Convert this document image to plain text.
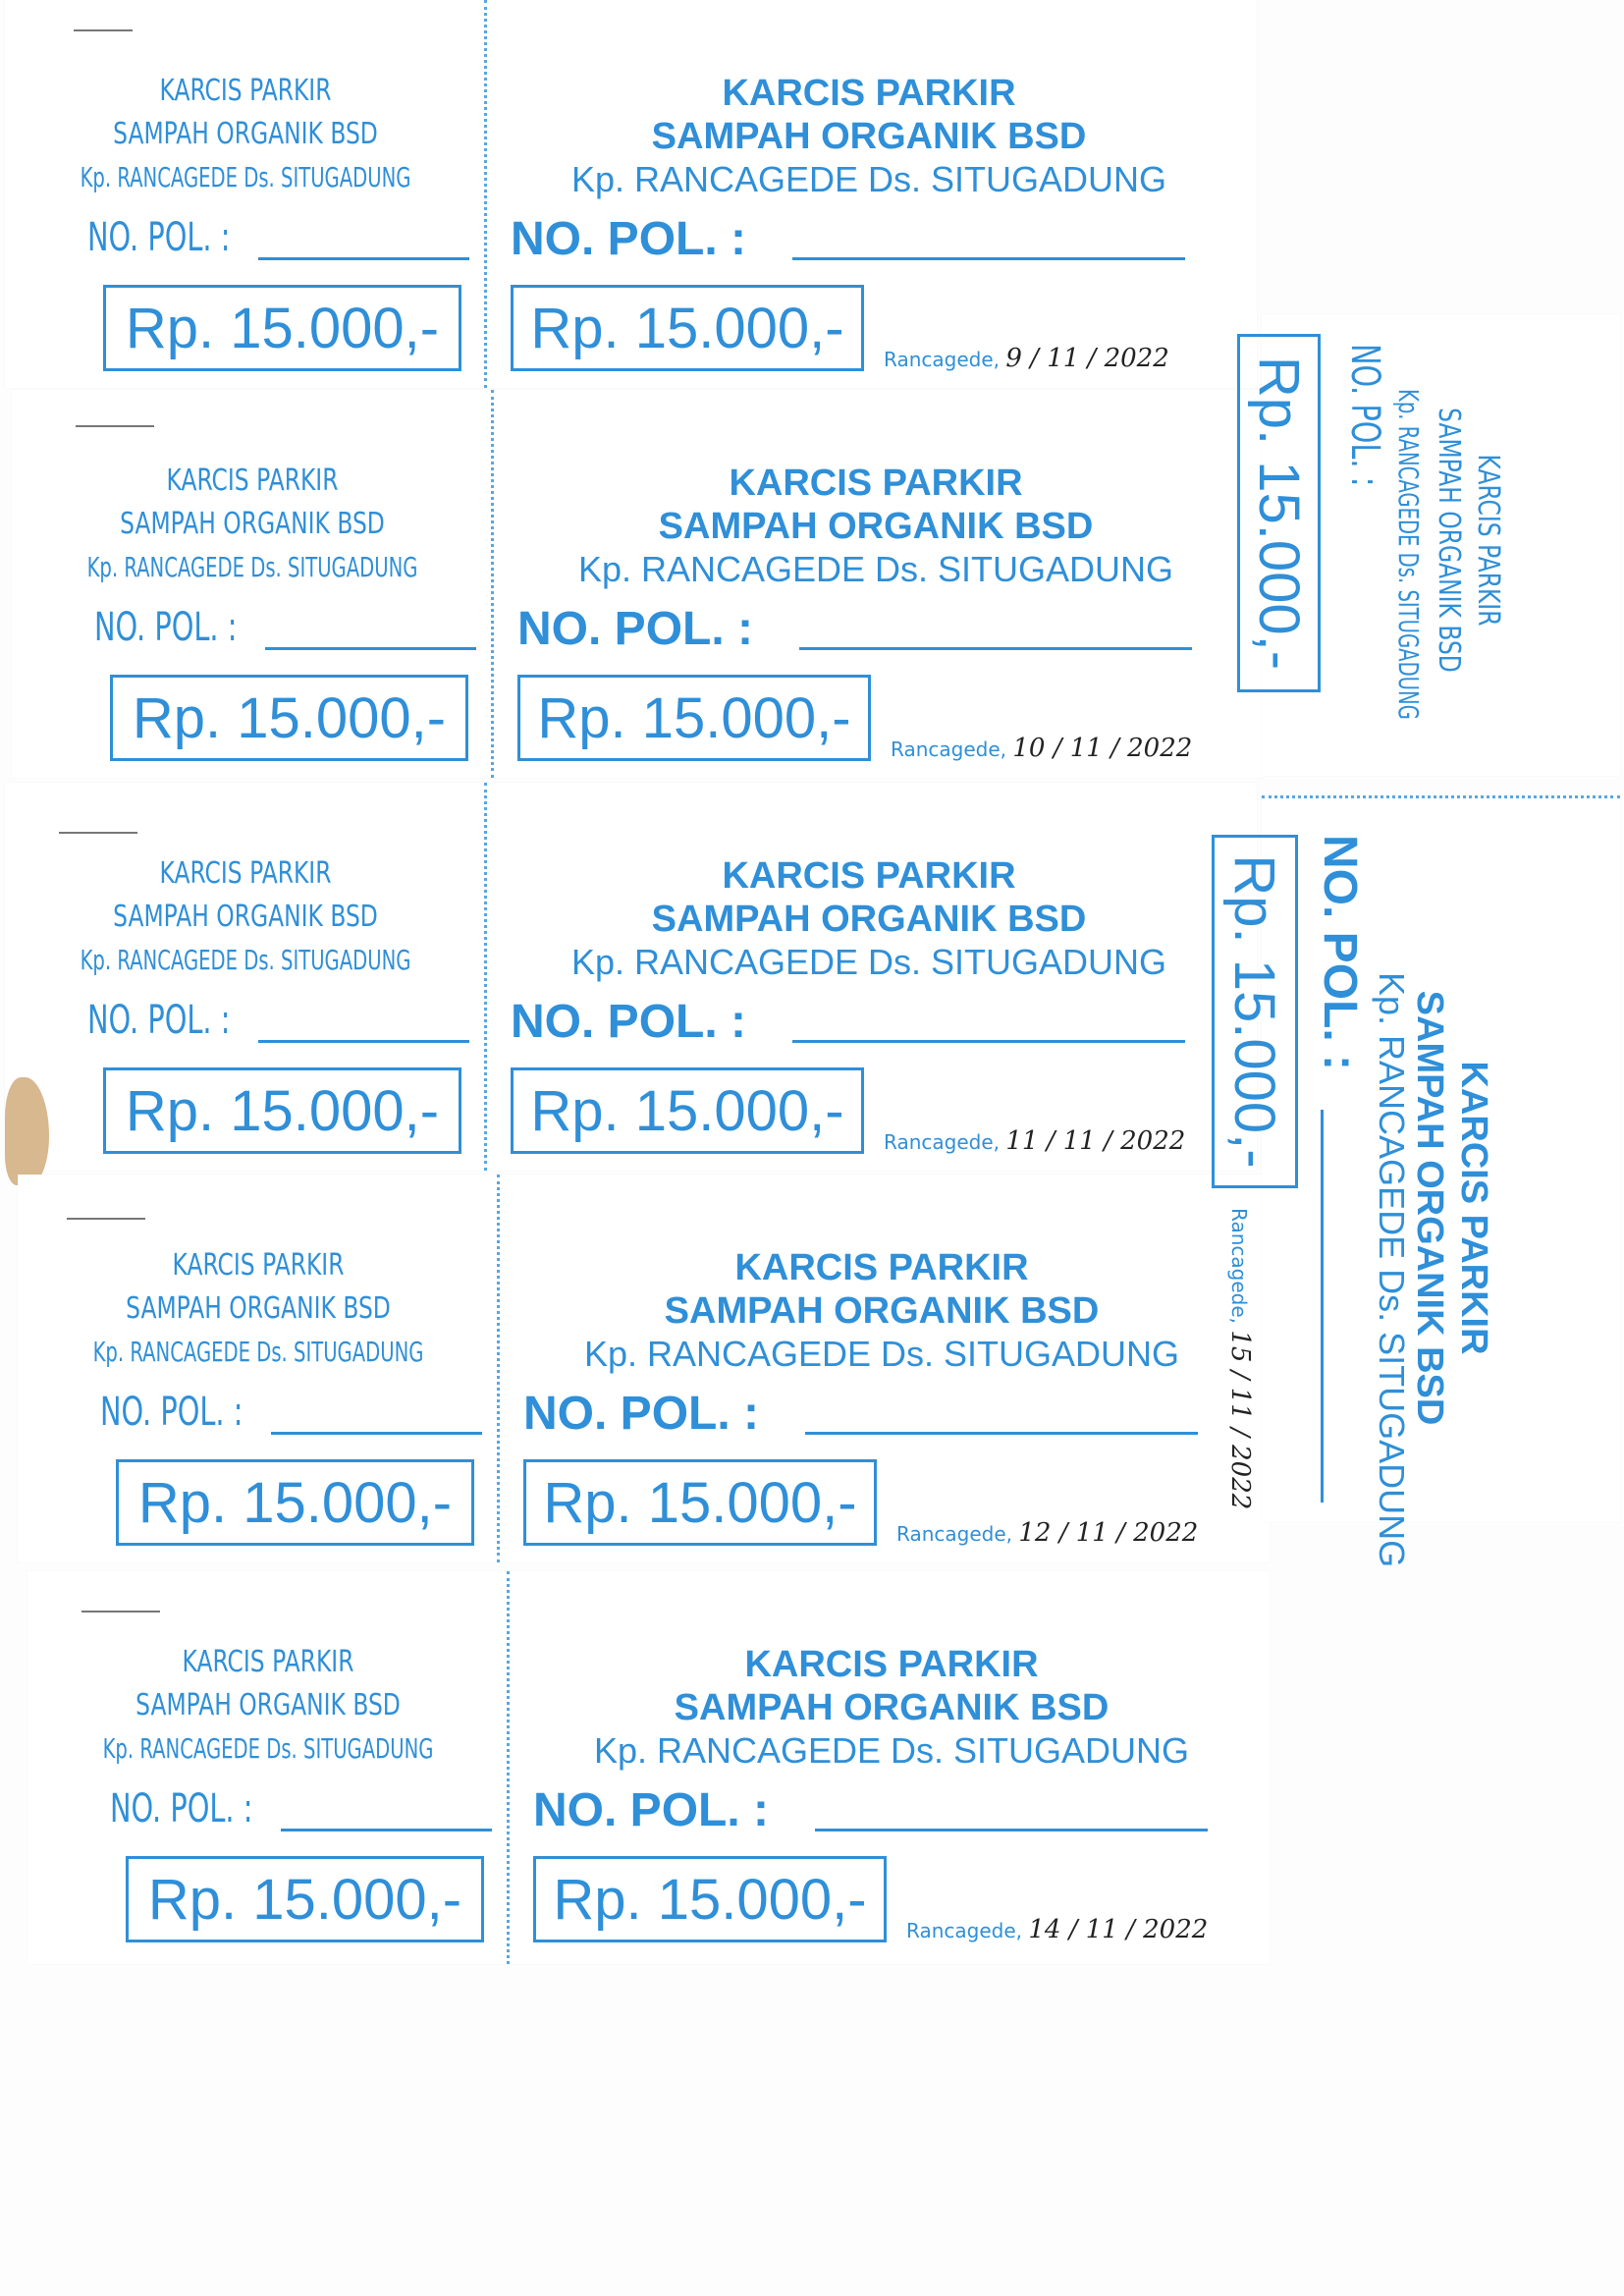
KARCIS PARKIR
SAMPAH ORGANIK BSD
Kp. RANCAGEDE Ds. SITUGADUNG
NO. POL. :
Rp. 15.000,-
KARCIS PARKIR
SAMPAH ORGANIK BSD
Kp. RANCAGEDE Ds. SITUGADUNG
NO. POL. :
Rp. 15.000,-	Rancagede, 9 / 11 / 2022
KARCIS PARKIR
SAMPAH ORGANIK BSD
Kp. RANCAGEDE Ds. SITUGADUNG
NO. POL. :
Rp. 15.000,-
KARCIS PARKIR
SAMPAH ORGANIK BSD
Kp. RANCAGEDE Ds. SITUGADUNG
NO. POL. :
Rp. 15.000,-	Rancagede, 10 / 11 / 2022
KARCIS PARKIR
SAMPAH ORGANIK BSD
Kp. RANCAGEDE Ds. SITUGADUNG
NO. POL. :
Rp. 15.000,-
KARCIS PARKIR
SAMPAH ORGANIK BSD
Kp. RANCAGEDE Ds. SITUGADUNG
NO. POL. :
Rp. 15.000,-	Rancagede, 11 / 11 / 2022
KARCIS PARKIR
SAMPAH ORGANIK BSD
Kp. RANCAGEDE Ds. SITUGADUNG
NO. POL. :
Rp. 15.000,-
KARCIS PARKIR
SAMPAH ORGANIK BSD
Kp. RANCAGEDE Ds. SITUGADUNG
NO. POL. :
Rp. 15.000,-	Rancagede, 12 / 11 / 2022
KARCIS PARKIR
SAMPAH ORGANIK BSD
Kp. RANCAGEDE Ds. SITUGADUNG
NO. POL. :
Rp. 15.000,-
KARCIS PARKIR
SAMPAH ORGANIK BSD
Kp. RANCAGEDE Ds. SITUGADUNG
NO. POL. :
Rp. 15.000,-	Rancagede, 14 / 11 / 2022
KARCIS PARKIR
SAMPAH ORGANIK BSD
Kp. RANCAGEDE Ds. SITUGADUNG
NO. POL. :
Rp. 15.000,-
KARCIS PARKIR
SAMPAH ORGANIK BSD
Kp. RANCAGEDE Ds. SITUGADUNG
NO. POL. :
Rp. 15.000,-
Rancagede, 15 / 11 / 2022
